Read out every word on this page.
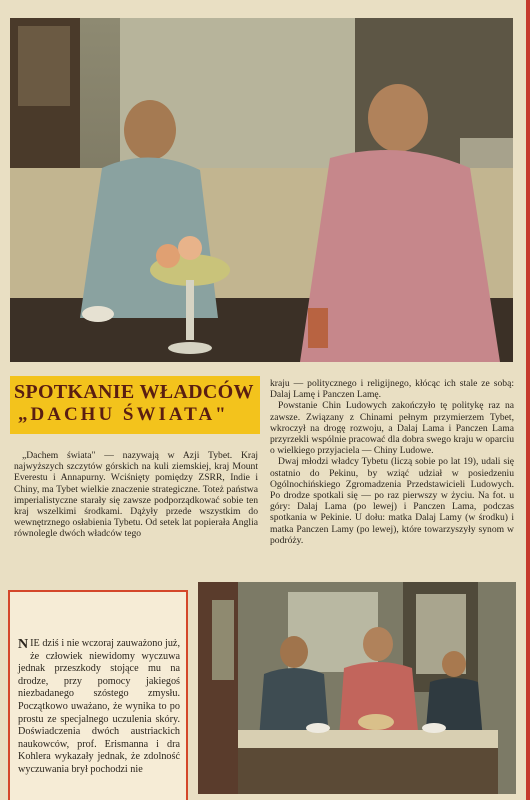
SPOTKANIE WŁADCÓW
„DACHU ŚWIATA"

„Dachem świata" — nazywają w Azji Tybet. Kraj najwyższych szczytów górskich na kuli ziemskiej, kraj Mount Everestu i Annapurny. Wciśnięty pomiędzy ZSRR, Indie i Chiny, ma Tybet wielkie znaczenie strategiczne. Toteż państwa imperialistyczne starały się zawsze podporządkować sobie ten kraj wszelkimi środkami. Dążyły przede wszystkim do wewnętrznego osłabienia Tybetu. Od setek lat popierała Anglia równolegle dwóch władców tego

kraju — politycznego i religijnego, kłócąc ich stale ze sobą: Dalaj Lamę i Panczen Lamę.

Powstanie Chin Ludowych zakończyło tę politykę raz na zawsze. Związany z Chinami pełnym przymierzem Tybet, wkroczył na drogę rozwoju, a Dalaj Lama i Panczen Lama przyrzekli wspólnie pracować dla dobra swego kraju w oparciu o wielkiego przyjaciela — Chiny Ludowe.

Dwaj młodzi władcy Tybetu (liczą sobie po lat 19), udali się ostatnio do Pekinu, by wziąć udział w posiedzeniu Ogólnochińskiego Zgromadzenia Przedstawicieli Ludowych. Po drodze spotkali się — po raz pierwszy w życiu. Na fot. u góry: Dalaj Lama (po lewej) i Panczen Lama, podczas spotkania w Pekinie. U dołu: matka Dalaj Lamy (w środku) i matka Panczen Lamy (po lewej), które towarzyszyły synom w podróży.

N IE dziś i nie wczoraj zauważono już, że człowiek niewidomy wyczuwa jednak przeszkody stojące mu na drodze, przy pomocy jakiegoś niezbadanego szóstego zmysłu. Początkowo uważano, że wynika to po prostu ze specjalnego uczulenia skóry. Doświadczenia dwóch austriackich naukowców, prof. Erismanna i dra Kohlera wykazały jednak, że zdolność wyczuwania brył pochodzi nie
